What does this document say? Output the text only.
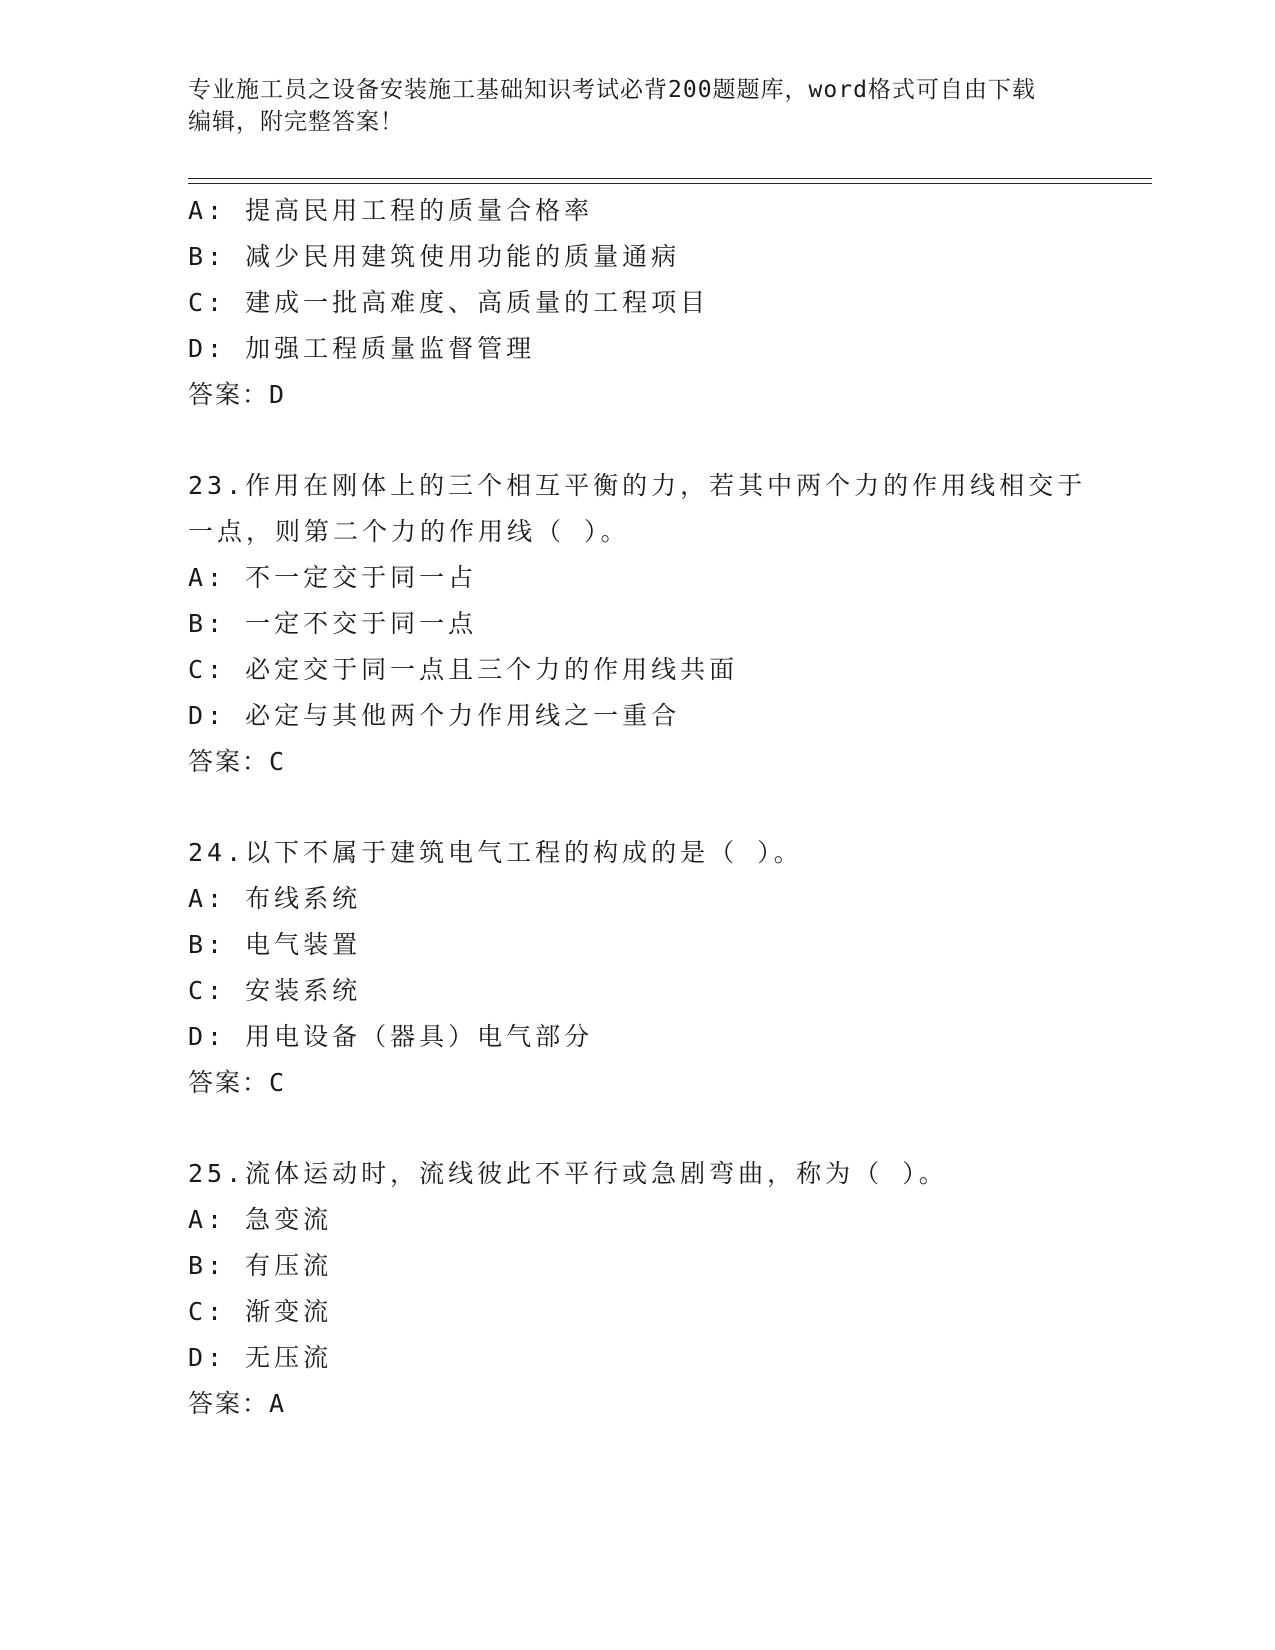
专业施工员之设备安装施工基础知识考试必背200题题库，word格式可自由下载
编辑，附完整答案！
A: 提高民用工程的质量合格率
B: 减少民用建筑使用功能的质量通病
C: 建成一批高难度、高质量的工程项目
D: 加强工程质量监督管理
答案：D
23.作用在刚体上的三个相互平衡的力，若其中两个力的作用线相交于
一点，则第二个力的作用线（ ）。
A: 不一定交于同一占
B: 一定不交于同一点
C: 必定交于同一点且三个力的作用线共面
D: 必定与其他两个力作用线之一重合
答案：C
24.以下不属于建筑电气工程的构成的是（ ）。
A: 布线系统
B: 电气装置
C: 安装系统
D: 用电设备（器具）电气部分
答案：C
25.流体运动时，流线彼此不平行或急剧弯曲，称为（ ）。
A: 急变流
B: 有压流
C: 渐变流
D: 无压流
答案：A
